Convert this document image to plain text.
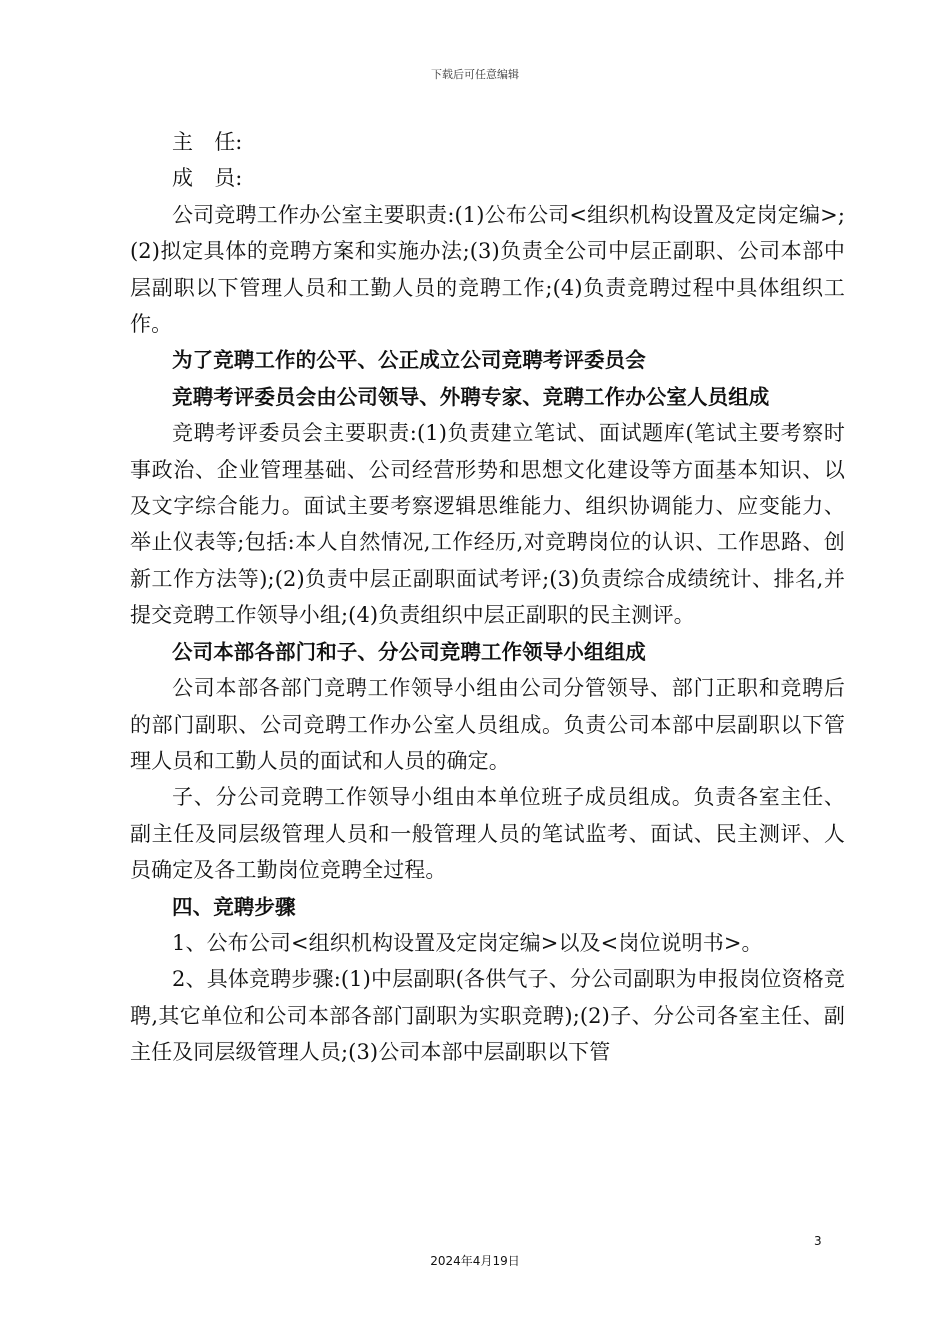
下载后可任意编辑

主　任:

成　员:

公司竞聘工作办公室主要职责:(1)公布公司<组织机构设置及定岗定编>;(2)拟定具体的竞聘方案和实施办法;(3)负责全公司中层正副职、公司本部中层副职以下管理人员和工勤人员的竞聘工作;(4)负责竞聘过程中具体组织工作。

为了竞聘工作的公平、公正成立公司竞聘考评委员会

竞聘考评委员会由公司领导、外聘专家、竞聘工作办公室人员组成

竞聘考评委员会主要职责:(1)负责建立笔试、面试题库(笔试主要考察时事政治、企业管理基础、公司经营形势和思想文化建设等方面基本知识、以及文字综合能力。面试主要考察逻辑思维能力、组织协调能力、应变能力、举止仪表等;包括:本人自然情况,工作经历,对竞聘岗位的认识、工作思路、创新工作方法等);(2)负责中层正副职面试考评;(3)负责综合成绩统计、排名,并提交竞聘工作领导小组;(4)负责组织中层正副职的民主测评。

公司本部各部门和子、分公司竞聘工作领导小组组成

公司本部各部门竞聘工作领导小组由公司分管领导、部门正职和竞聘后的部门副职、公司竞聘工作办公室人员组成。负责公司本部中层副职以下管理人员和工勤人员的面试和人员的确定。

子、分公司竞聘工作领导小组由本单位班子成员组成。负责各室主任、副主任及同层级管理人员和一般管理人员的笔试监考、面试、民主测评、人员确定及各工勤岗位竞聘全过程。

四、竞聘步骤

1、公布公司<组织机构设置及定岗定编>以及<岗位说明书>。

2、具体竞聘步骤:(1)中层副职(各供气子、分公司副职为申报岗位资格竞聘,其它单位和公司本部各部门副职为实职竞聘);(2)子、分公司各室主任、副主任及同层级管理人员;(3)公司本部中层副职以下管

3
2024年4月19日
